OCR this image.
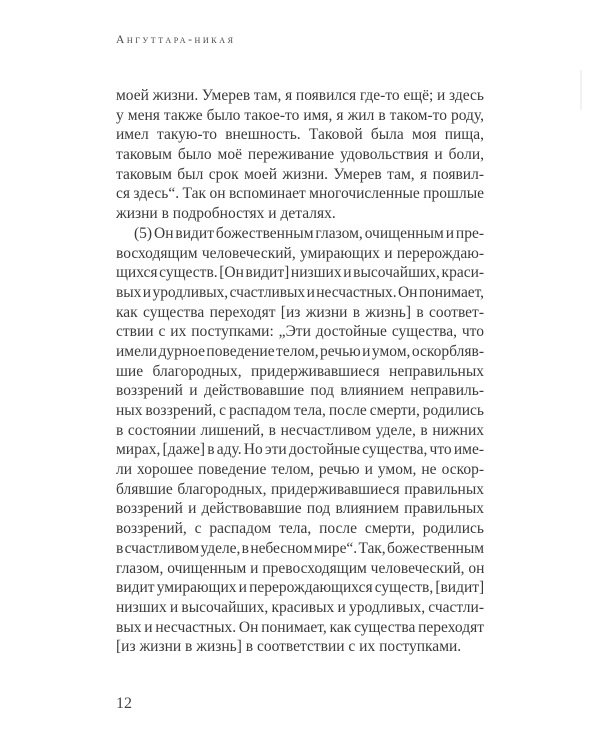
Ангуттара-никая
моей жизни. Умерев там, я появился где-то ещё; и здесь
у меня также было такое-то имя, я жил в таком-то роду,
имел такую-то внешность. Таковой была моя пища,
таковым было моё переживание удовольствия и боли,
таковым был срок моей жизни. Умерев там, я появил-
ся здесь“. Так он вспоминает многочисленные прошлые
жизни в подробностях и деталях.
(5) Он видит божественным глазом, очищенным и пре-
восходящим человеческий, умирающих и перерождаю-
щихся существ. [Он видит] низших и высочайших, краси-
вых и уродливых, счастливых и несчастных. Он понимает,
как существа переходят [из жизни в жизнь] в соответ-
ствии с их поступками: „Эти достойные существа, что
имели дурное поведение телом, речью и умом, оскорбляв-
шие благородных, придерживавшиеся неправильных
воззрений и действовавшие под влиянием неправиль-
ных воззрений, с распадом тела, после смерти, родились
в состоянии лишений, в несчастливом уделе, в нижних
мирах, [даже] в аду. Но эти достойные существа, что име-
ли хорошее поведение телом, речью и умом, не оскор-
блявшие благородных, придерживавшиеся правильных
воззрений и действовавшие под влиянием правильных
воззрений, с распадом тела, после смерти, родились
в счастливом уделе, в небесном мире“. Так, божественным
глазом, очищенным и превосходящим человеческий, он
видит умирающих и перерождающихся существ, [видит]
низших и высочайших, красивых и уродливых, счастли-
вых и несчастных. Он понимает, как существа переходят
[из жизни в жизнь] в соответствии с их поступками.
12
